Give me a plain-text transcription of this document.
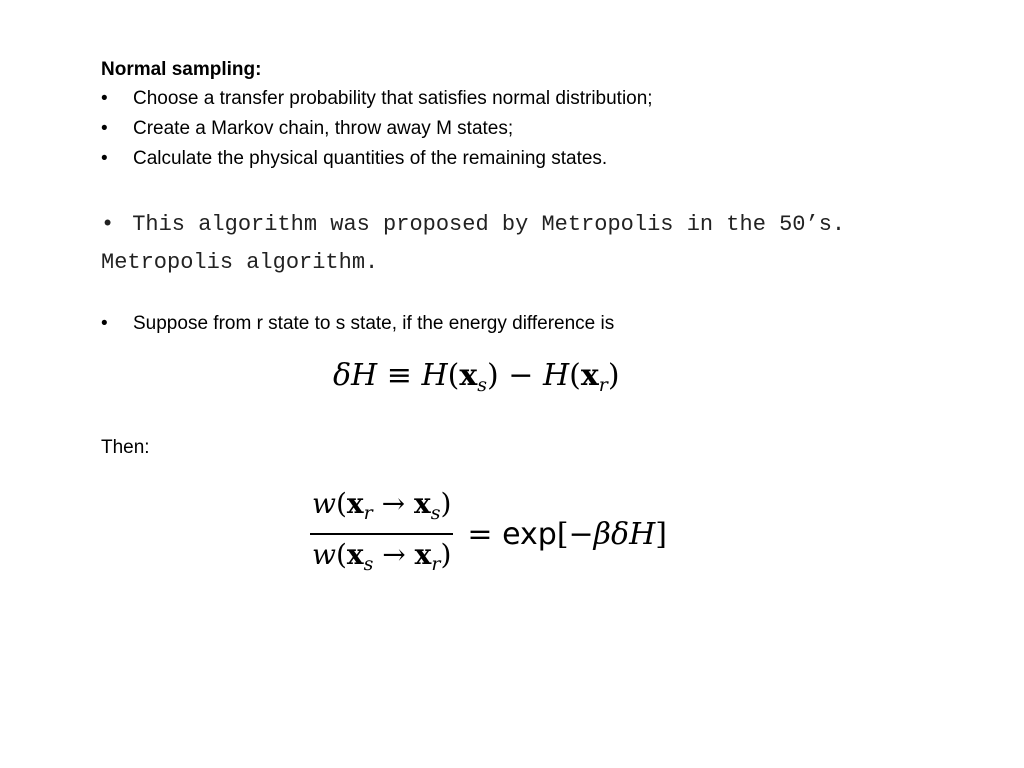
Normal sampling:
• Choose a transfer probability that satisfies normal distribution;
• Create a Markov chain, throw away M states;
• Calculate the physical quantities of the remaining states.
• This algorithm was proposed by Metropolis in the 50’s.
Metropolis algorithm.
• Suppose from r state to s state, if the energy difference is
$\delta H \equiv H(x_s) - H(x_r)$
Then:
$\frac{w(x_r \to x_s)}{w(x_s \to x_r)} = \exp[-\beta\delta H]$
